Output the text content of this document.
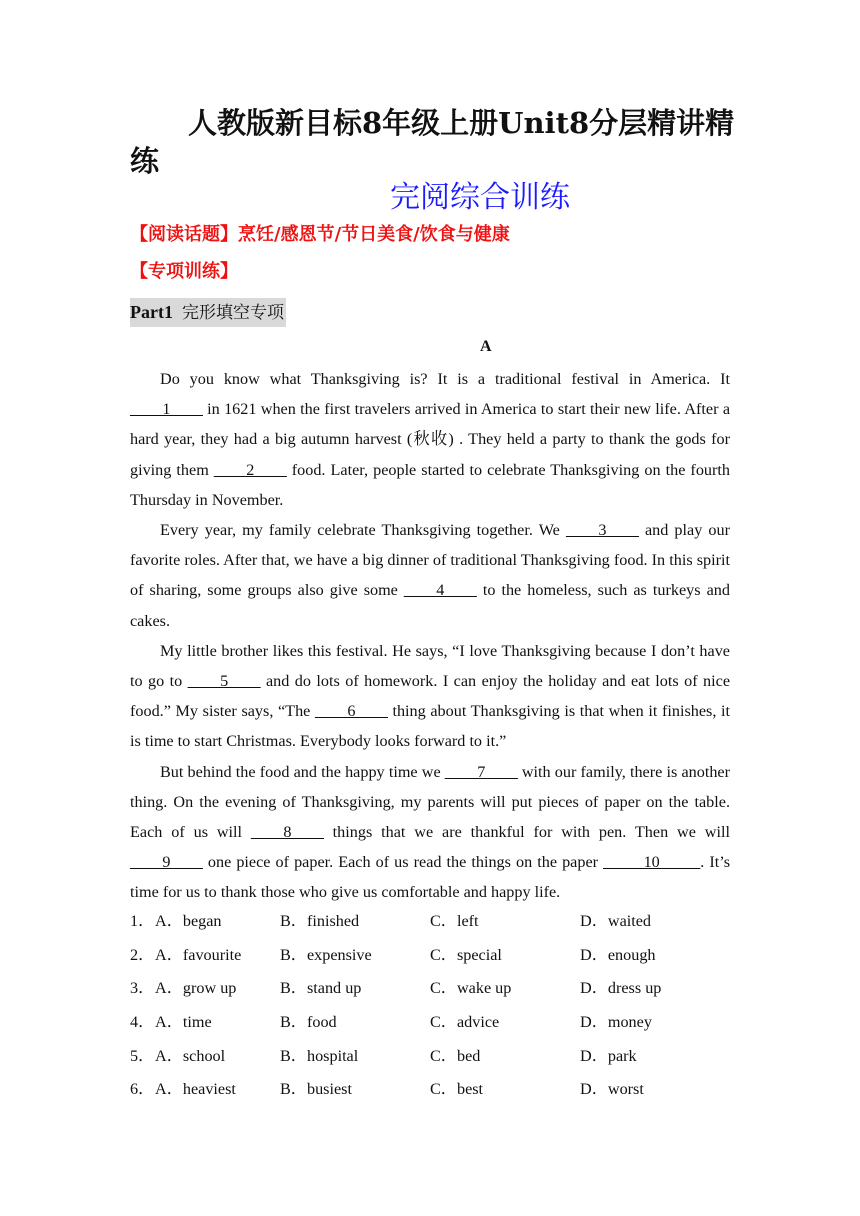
人教版新目标8年级上册Unit8分层精讲精练
完阅综合训练
【阅读话题】烹饪/感恩节/节日美食/饮食与健康
【专项训练】
Part1 完形填空专项
A

Do you know what Thanksgiving is? It is a traditional festival in America. It ____1____ in 1621 when the first travelers arrived in America to start their new life. After a hard year, they had a big autumn harvest (秋收) . They held a party to thank the gods for giving them ____2____ food. Later, people started to celebrate Thanksgiving on the fourth Thursday in November.

Every year, my family celebrate Thanksgiving together. We ____3____ and play our favorite roles. After that, we have a big dinner of traditional Thanksgiving food. In this spirit of sharing, some groups also give some ____4____ to the homeless, such as turkeys and cakes.

My little brother likes this festival. He says, “I love Thanksgiving because I don’t have to go to ____5____ and do lots of homework. I can enjoy the holiday and eat lots of nice food.” My sister says, “The ____6____ thing about Thanksgiving is that when it finishes, it is time to start Christmas. Everybody looks forward to it.”

But behind the food and the happy time we ____7____ with our family, there is another thing. On the evening of Thanksgiving, my parents will put pieces of paper on the table. Each of us will ____8____ things that we are thankful for with pen. Then we will ____9____ one piece of paper. Each of us read the things on the paper _____10_____. It’s time for us to thank those who give us comfortable and happy life.

1． A．began	B．finished	C．left	D．waited
2． A．favourite	B．expensive	C．special	D．enough
3． A．grow up	B．stand up	C．wake up	D．dress up
4． A．time	B．food	C．advice	D．money
5． A．school	B．hospital	C．bed	D．park
6． A．heaviest	B．busiest	C．best	D．worst
